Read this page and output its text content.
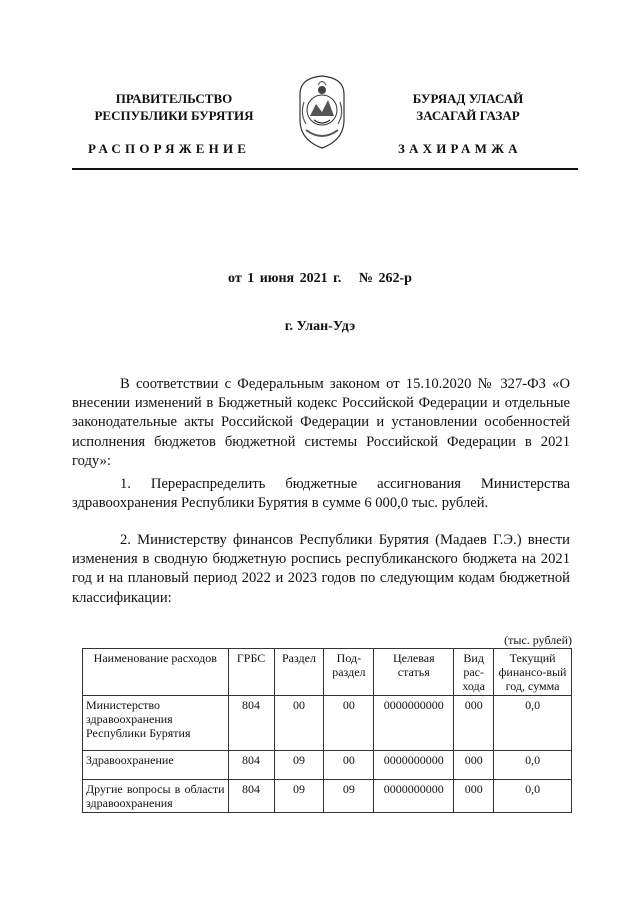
ПРАВИТЕЛЬСТВО
РЕСПУБЛИКИ БУРЯТИЯ
БУРЯАД УЛАСАЙ
ЗАСАГАЙ ГАЗАР
РАСПОРЯЖЕНИЕ	ЗАХИРАМЖА
от 1 июня 2021 г. № 262-р
г. Улан-Удэ
В соответствии с Федеральным законом от 15.10.2020 № 327-ФЗ «О внесении изменений в Бюджетный кодекс Российской Федерации и отдельные законодательные акты Российской Федерации и установлении особенностей исполнения бюджетов бюджетной системы Российской Федерации в 2021 году»:
1. Перераспределить бюджетные ассигнования Министерства здравоохранения Республики Бурятия в сумме 6 000,0 тыс. рублей.
2. Министерству финансов Республики Бурятия (Мадаев Г.Э.) внести изменения в сводную бюджетную роспись республиканского бюджета на 2021 год и на плановый период 2022 и 2023 годов по следующим кодам бюджетной классификации:
(тыс. рублей)
Наименование расходов	ГРБС	Раздел	Под-раздел	Целевая статья	Вид рас-хода	Текущий финансо-вый год, сумма
Министерство здравоохранения Республики Бурятия	804	00	00	0000000000	000	0,0
Здравоохранение	804	09	00	0000000000	000	0,0
Другие вопросы в области здравоохранения	804	09	09	0000000000	000	0,0
